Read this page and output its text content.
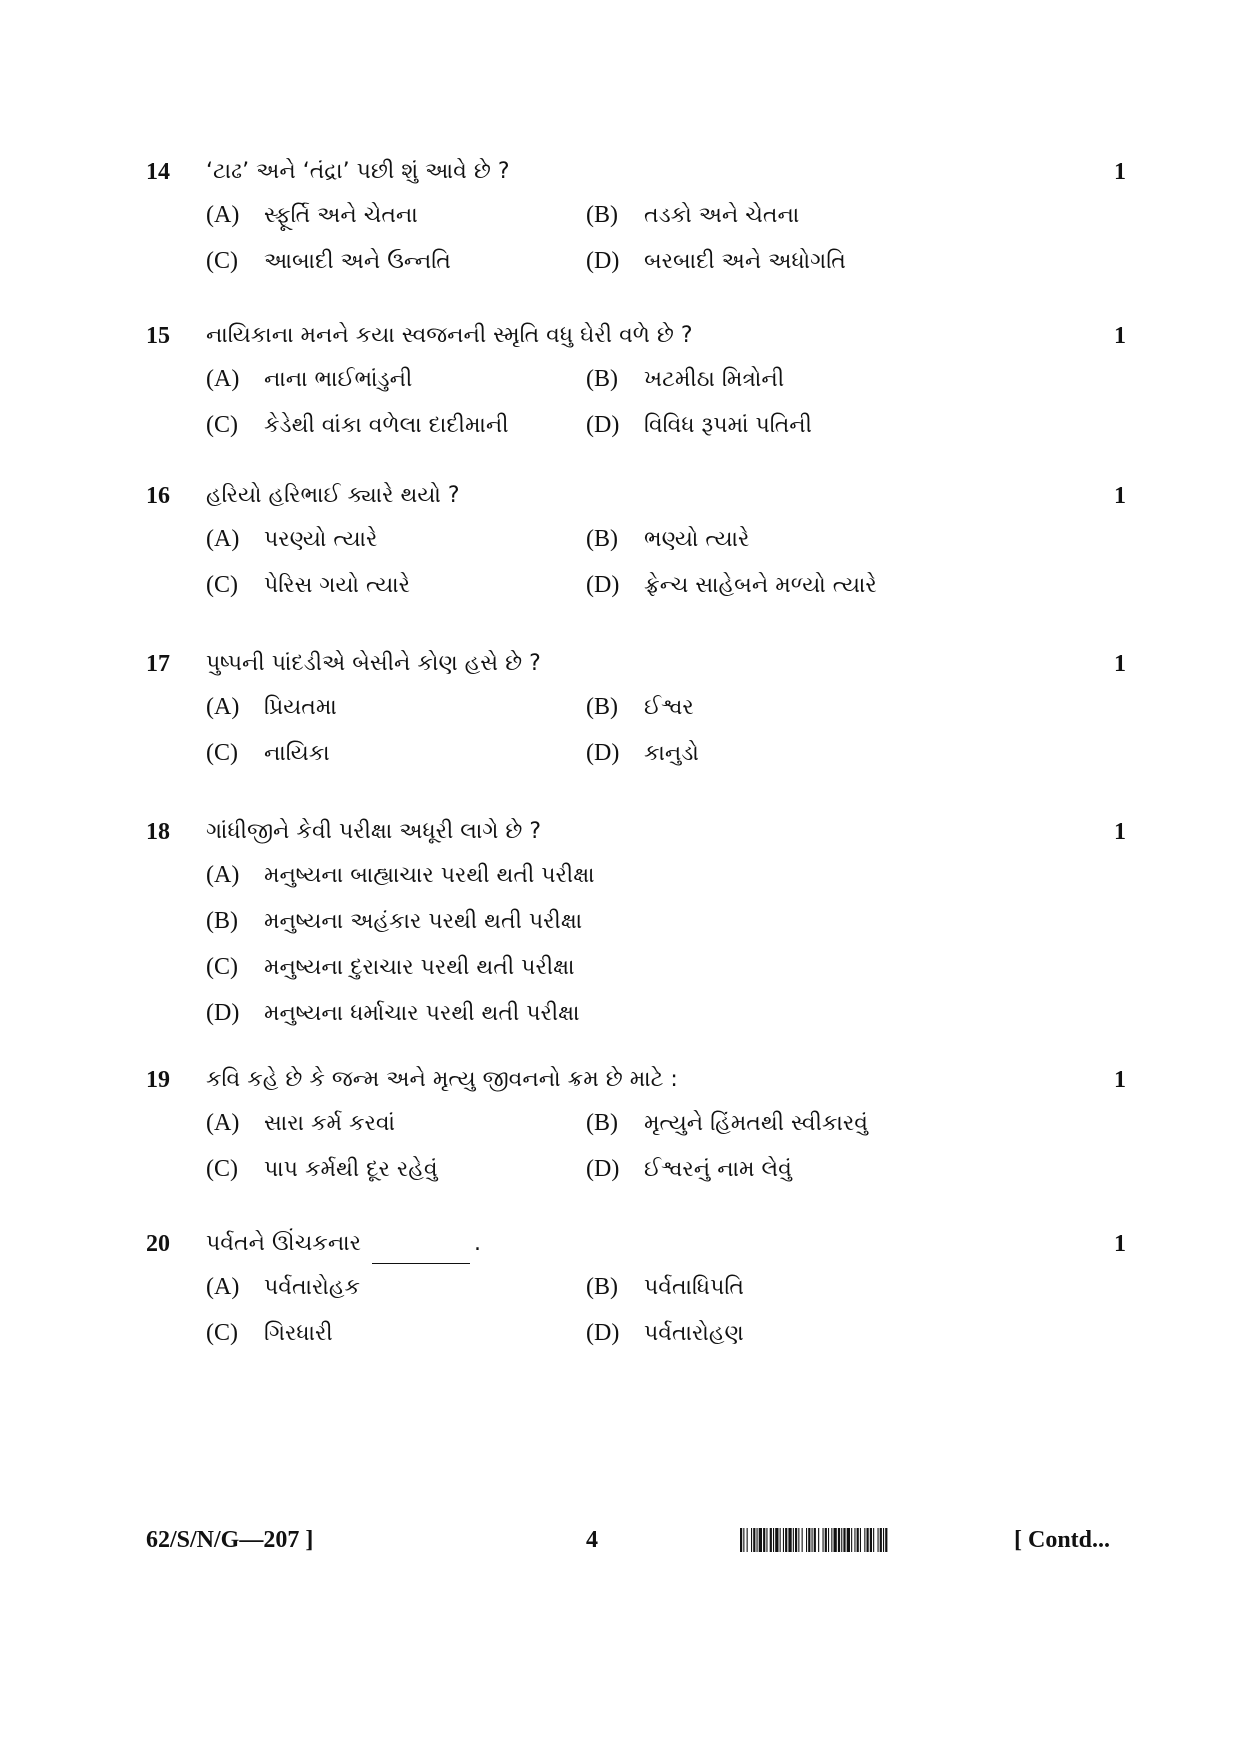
14	‘ટાઢ’ અને ‘તંદ્રા’ પછી શું આવે છે ?	1
(A) સ્ફૂર્તિ અને ચેતના	(B) તડકો અને ચેતના
(C) આબાદી અને ઉન્નતિ	(D) બરબાદી અને અધોગતિ
15	નાયિકાના મનને કયા સ્વજનની સ્મૃતિ વધુ ઘેરી વળે છે ?	1
(A) નાના ભાઈભાંડુની	(B) ખટમીઠા મિત્રોની
(C) કેડેથી વાંકા વળેલા દાદીમાની	(D) વિવિધ રૂપમાં પતિની
16	હરિયો હરિભાઈ ક્યારે થયો ?	1
(A) પરણ્યો ત્યારે	(B) ભણ્યો ત્યારે
(C) પેરિસ ગયો ત્યારે	(D) ફ્રેન્ચ સાહેબને મળ્યો ત્યારે
17	પુષ્પની પાંદડીએ બેસીને કોણ હસે છે ?	1
(A) પ્રિયતમા	(B) ઈશ્વર
(C) નાયિકા	(D) કાનુડો
18	ગાંધીજીને કેવી પરીક્ષા અધૂરી લાગે છે ?	1
(A) મનુષ્યના બાહ્યાચાર પરથી થતી પરીક્ષા
(B) મનુષ્યના અહંકાર પરથી થતી પરીક્ષા
(C) મનુષ્યના દુરાચાર પરથી થતી પરીક્ષા
(D) મનુષ્યના ધર્માચાર પરથી થતી પરીક્ષા
19	કવિ કહે છે કે જન્મ અને મૃત્યુ જીવનનો ક્રમ છે માટે :	1
(A) સારા કર્મ કરવાં	(B) મૃત્યુને હિંમતથી સ્વીકારવું
(C) પાપ કર્મથી દૂર રહેવું	(D) ઈશ્વરનું નામ લેવું
20	પર્વતને ઊંચકનાર	.	1
(A) પર્વતારોહક	(B) પર્વતાધિપતિ
(C) ગિરધારી	(D) પર્વતારોહણ
62/S/N/G—207 ]	4	[ Contd...
